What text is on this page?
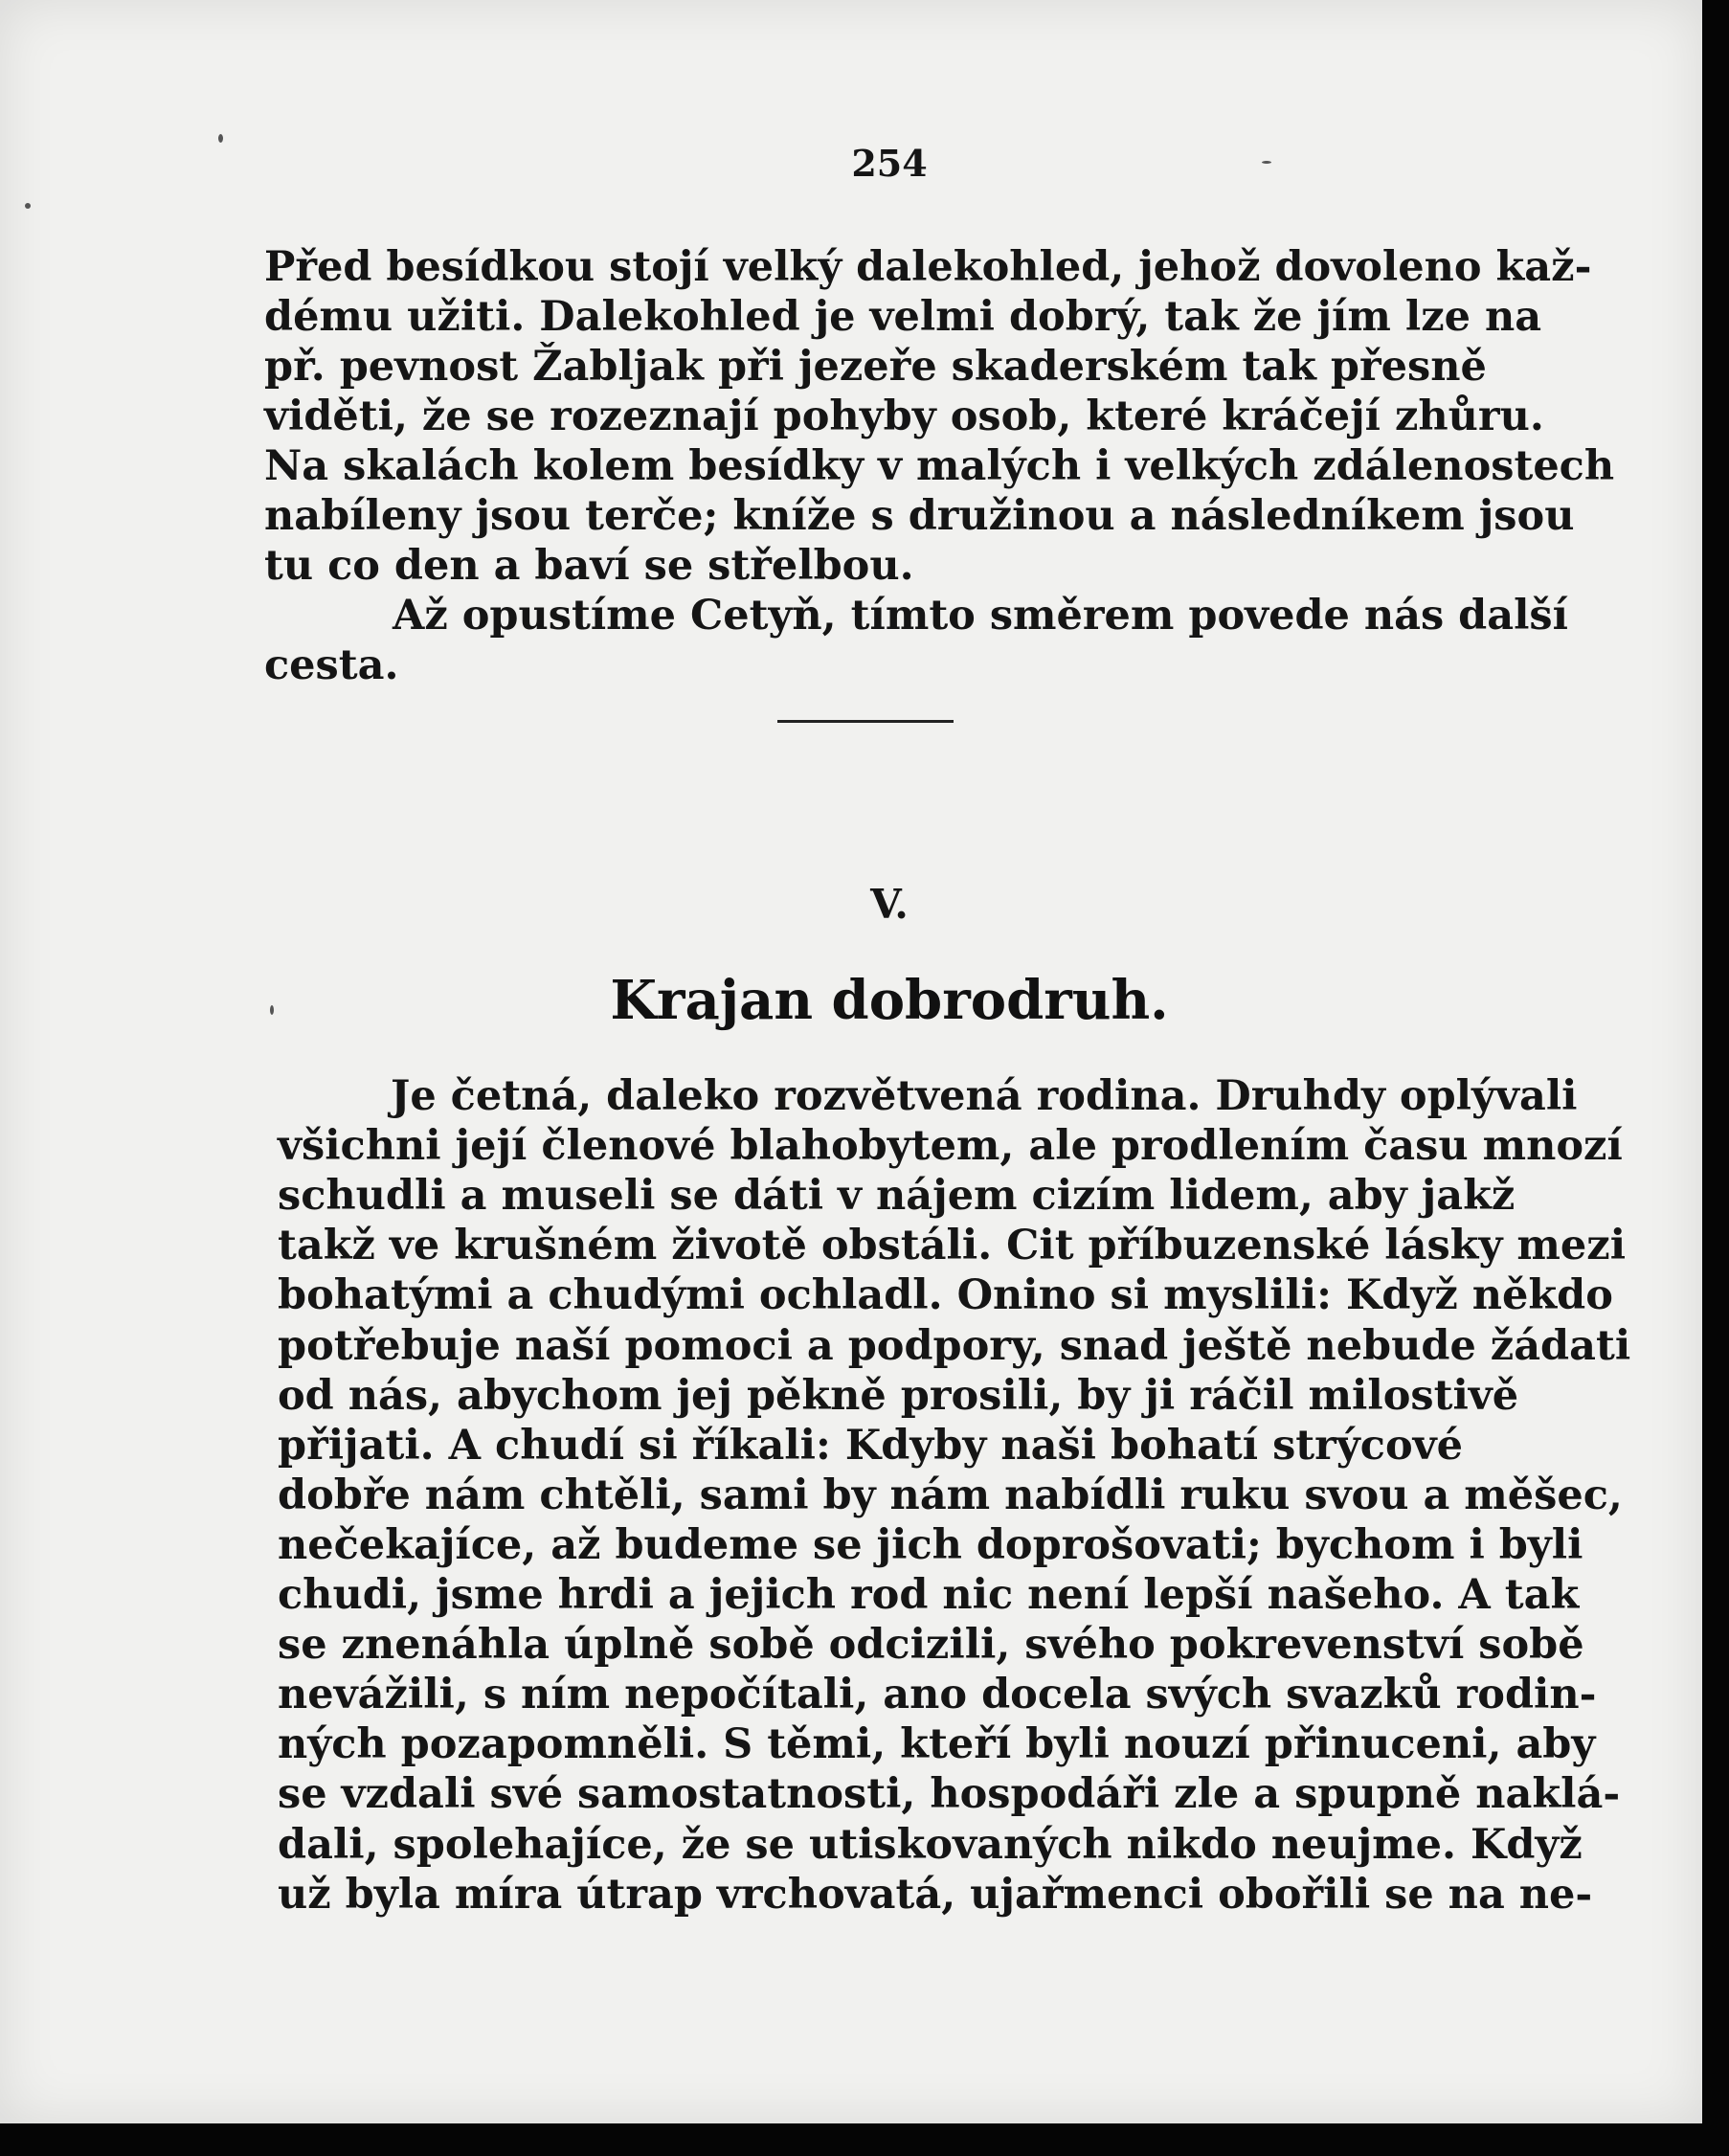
254
Před besídkou stojí velký dalekohled, jehož dovoleno kaž-
dému užiti. Dalekohled je velmi dobrý, tak že jím lze na
př. pevnost Žabljak při jezeře skaderském tak přesně
viděti, že se rozeznají pohyby osob, které kráčejí zhůru.
Na skalách kolem besídky v malých i velkých zdálenostech
nabíleny jsou terče; kníže s družinou a následníkem jsou
tu co den a baví se střelbou.
Až opustíme Cetyň, tímto směrem povede nás další
cesta.
V.
Krajan dobrodruh.
Je četná, daleko rozvětvená rodina. Druhdy oplývali
všichni její členové blahobytem, ale prodlením času mnozí
schudli a museli se dáti v nájem cizím lidem, aby jakž
takž ve krušném životě obstáli. Cit příbuzenské lásky mezi
bohatými a chudými ochladl. Onino si myslili: Když někdo
potřebuje naší pomoci a podpory, snad ještě nebude žádati
od nás, abychom jej pěkně prosili, by ji ráčil milostivě
přijati. A chudí si říkali: Kdyby naši bohatí strýcové
dobře nám chtěli, sami by nám nabídli ruku svou a měšec,
nečekajíce, až budeme se jich doprošovati; bychom i byli
chudi, jsme hrdi a jejich rod nic není lepší našeho. A tak
se znenáhla úplně sobě odcizili, svého pokrevenství sobě
nevážili, s ním nepočítali, ano docela svých svazků rodin-
ných pozapomněli. S těmi, kteří byli nouzí přinuceni, aby
se vzdali své samostatnosti, hospodáři zle a spupně naklá-
dali, spolehajíce, že se utiskovaných nikdo neujme. Když
už byla míra útrap vrchovatá, ujařmenci obořili se na ne-
